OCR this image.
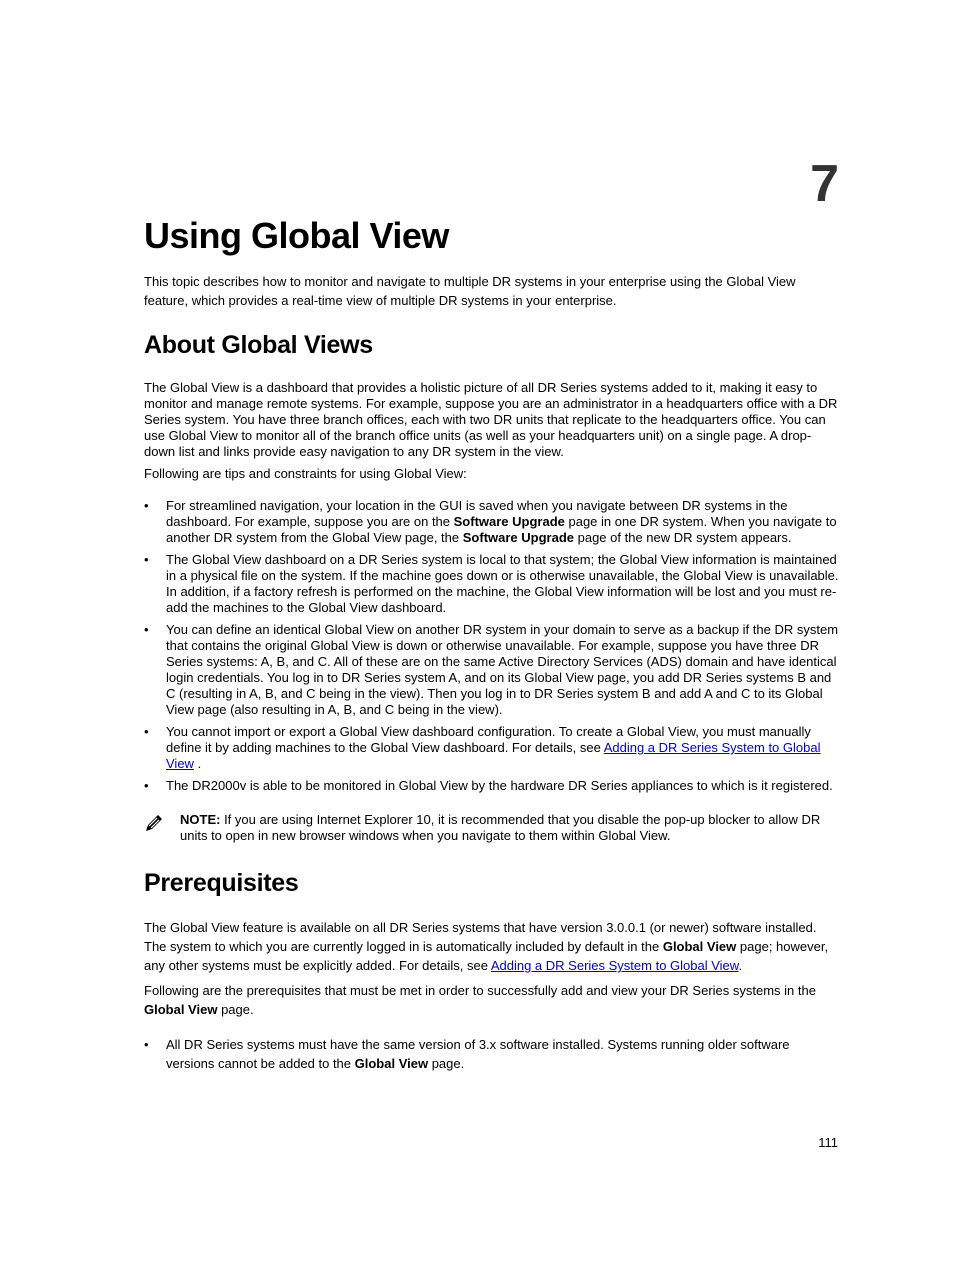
7
Using Global View

This topic describes how to monitor and navigate to multiple DR systems in your enterprise using the Global View feature, which provides a real-time view of multiple DR systems in your enterprise.

About Global Views

The Global View is a dashboard that provides a holistic picture of all DR Series systems added to it, making it easy to monitor and manage remote systems. For example, suppose you are an administrator in a headquarters office with a DR Series system. You have three branch offices, each with two DR units that replicate to the headquarters office. You can use Global View to monitor all of the branch office units (as well as your headquarters unit) on a single page. A drop-down list and links provide easy navigation to any DR system in the view.

Following are tips and constraints for using Global View:

• For streamlined navigation, your location in the GUI is saved when you navigate between DR systems in the dashboard. For example, suppose you are on the Software Upgrade page in one DR system. When you navigate to another DR system from the Global View page, the Software Upgrade page of the new DR system appears.
• The Global View dashboard on a DR Series system is local to that system; the Global View information is maintained in a physical file on the system. If the machine goes down or is otherwise unavailable, the Global View is unavailable. In addition, if a factory refresh is performed on the machine, the Global View information will be lost and you must re-add the machines to the Global View dashboard.
• You can define an identical Global View on another DR system in your domain to serve as a backup if the DR system that contains the original Global View is down or otherwise unavailable. For example, suppose you have three DR Series systems: A, B, and C. All of these are on the same Active Directory Services (ADS) domain and have identical login credentials. You log in to DR Series system A, and on its Global View page, you add DR Series systems B and C (resulting in A, B, and C being in the view). Then you log in to DR Series system B and add A and C to its Global View page (also resulting in A, B, and C being in the view).
• You cannot import or export a Global View dashboard configuration. To create a Global View, you must manually define it by adding machines to the Global View dashboard. For details, see Adding a DR Series System to Global View .
• The DR2000v is able to be monitored in Global View by the hardware DR Series appliances to which is it registered.
NOTE: If you are using Internet Explorer 10, it is recommended that you disable the pop-up blocker to allow DR units to open in new browser windows when you navigate to them within Global View.
Prerequisites

The Global View feature is available on all DR Series systems that have version 3.0.0.1 (or newer) software installed. The system to which you are currently logged in is automatically included by default in the Global View page; however, any other systems must be explicitly added. For details, see Adding a DR Series System to Global View.

Following are the prerequisites that must be met in order to successfully add and view your DR Series systems in the Global View page.

• All DR Series systems must have the same version of 3.x software installed. Systems running older software versions cannot be added to the Global View page.
111
